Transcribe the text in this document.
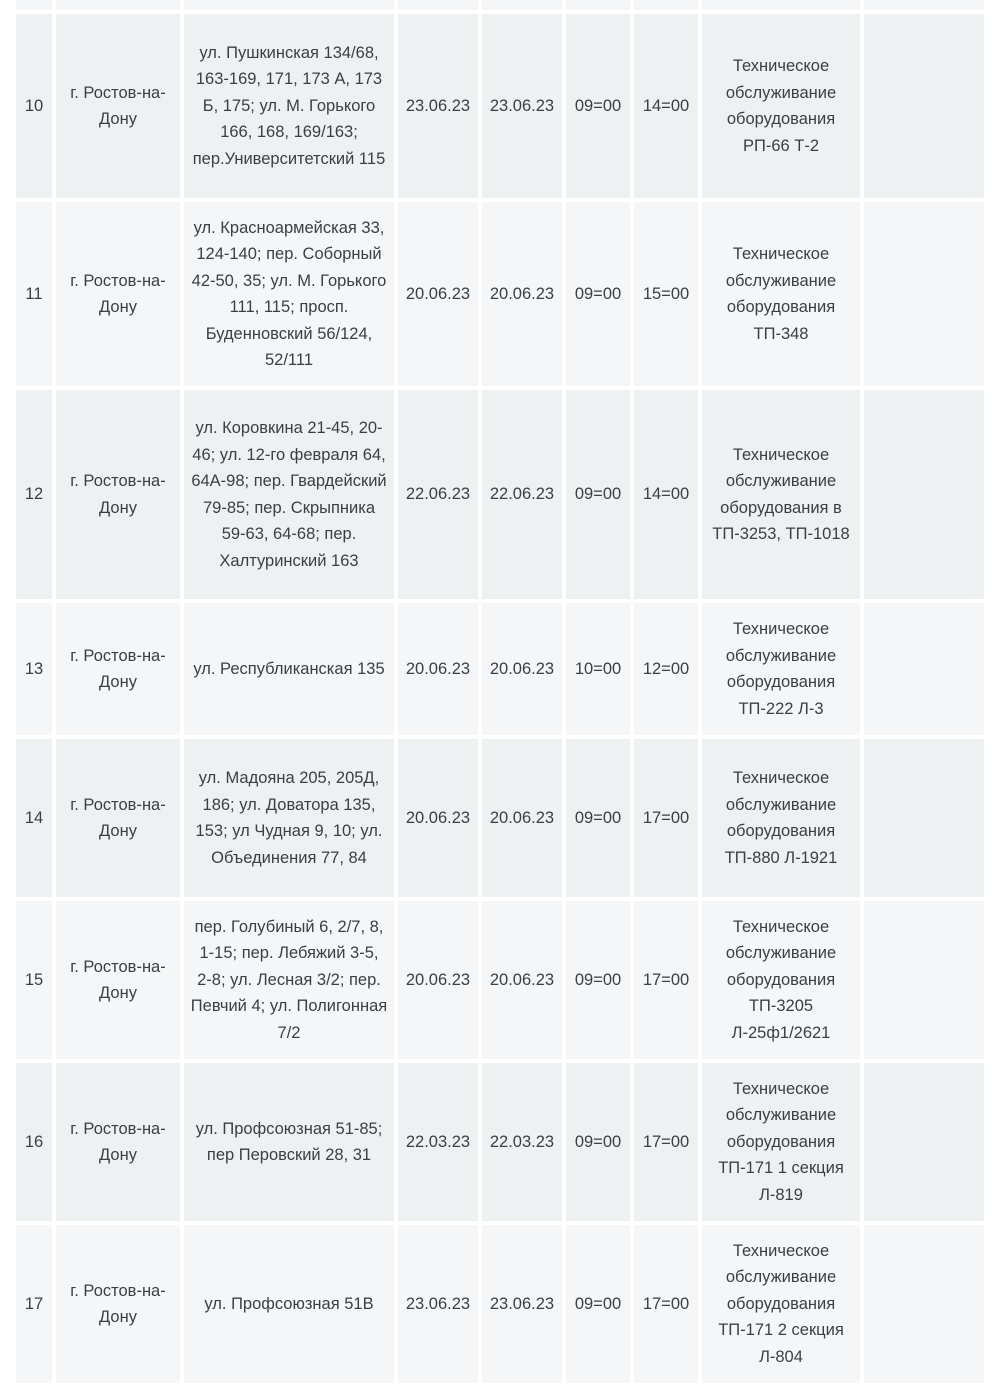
10	г. Ростов-на-Дону	ул. Пушкинская 134/68, 163-169, 171, 173 А, 173 Б, 175; ул. М. Горького 166, 168, 169/163; пер.Университетский 115	23.06.23	23.06.23	09=00	14=00	Техническое обслуживание оборудования РП-66 Т-2	
11	г. Ростов-на-Дону	ул. Красноармейская 33, 124-140; пер. Соборный 42-50, 35; ул. М. Горького 111, 115; просп. Буденновский 56/124, 52/111	20.06.23	20.06.23	09=00	15=00	Техническое обслуживание оборудования ТП-348	
12	г. Ростов-на-Дону	ул. Коровкина 21-45, 20-46; ул. 12-го февраля 64, 64А-98; пер. Гвардейский 79-85; пер. Скрыпника 59-63, 64-68; пер. Халтуринский 163	22.06.23	22.06.23	09=00	14=00	Техническое обслуживание оборудования в ТП-3253, ТП-1018	
13	г. Ростов-на-Дону	ул. Республиканская 135	20.06.23	20.06.23	10=00	12=00	Техническое обслуживание оборудования ТП-222 Л-3	
14	г. Ростов-на-Дону	ул. Мадояна 205, 205Д, 186; ул. Доватора 135, 153; ул Чудная 9, 10; ул. Объединения 77, 84	20.06.23	20.06.23	09=00	17=00	Техническое обслуживание оборудования ТП-880 Л-1921	
15	г. Ростов-на-Дону	пер. Голубиный 6, 2/7, 8, 1-15; пер. Лебяжий 3-5, 2-8; ул. Лесная 3/2; пер. Певчий 4; ул. Полигонная 7/2	20.06.23	20.06.23	09=00	17=00	Техническое обслуживание оборудования ТП-3205 Л-25ф1/2621	
16	г. Ростов-на-Дону	ул. Профсоюзная 51-85; пер Перовский 28, 31	22.03.23	22.03.23	09=00	17=00	Техническое обслуживание оборудования ТП-171 1 секция Л-819	
17	г. Ростов-на-Дону	ул. Профсоюзная 51В	23.06.23	23.06.23	09=00	17=00	Техническое обслуживание оборудования ТП-171 2 секция Л-804	
